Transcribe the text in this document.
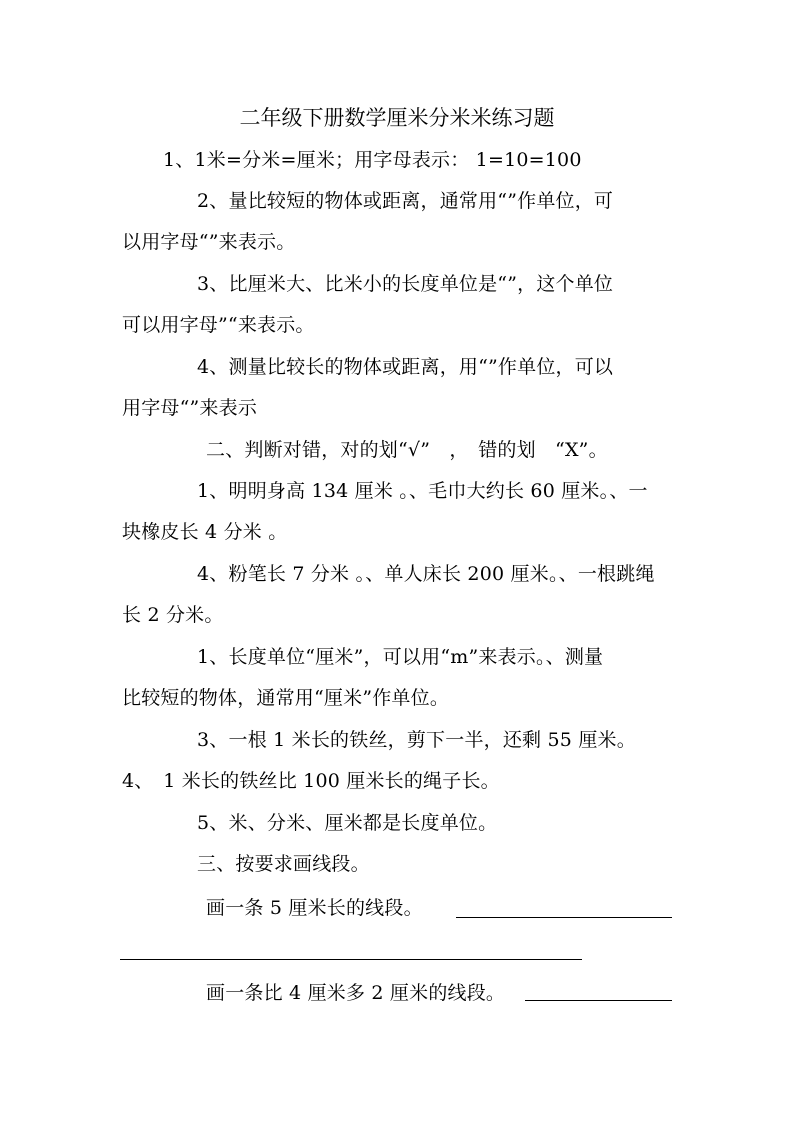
二年级下册数学厘米分米米练习题
1、1米=分米=厘米；用字母表示： 1=10=100
2、量比较短的物体或距离，通常用“”作单位，可
以用字母“”来表示。
3、比厘米大、比米小的长度单位是“”，这个单位
可以用字母”“来表示。
4、测量比较长的物体或距离，用“”作单位，可以
用字母“”来表示
二、判断对错，对的划“√”　，　错的划　“X”。
1、明明身高 134 厘米 。、毛巾大约长 60 厘米。、一
块橡皮长 4 分米 。
4、粉笔长 7 分米 。、单人床长 200 厘米。、一根跳绳
长 2 分米。
1、长度单位“厘米”，可以用“m”来表示。、测量
比较短的物体，通常用“厘米”作单位。
3、一根 1 米长的铁丝，剪下一半，还剩 55 厘米。
4、　1 米长的铁丝比 100 厘米长的绳子长。
5、米、分米、厘米都是长度单位。
三、按要求画线段。
画一条 5 厘米长的线段。
画一条比 4 厘米多 2 厘米的线段。
